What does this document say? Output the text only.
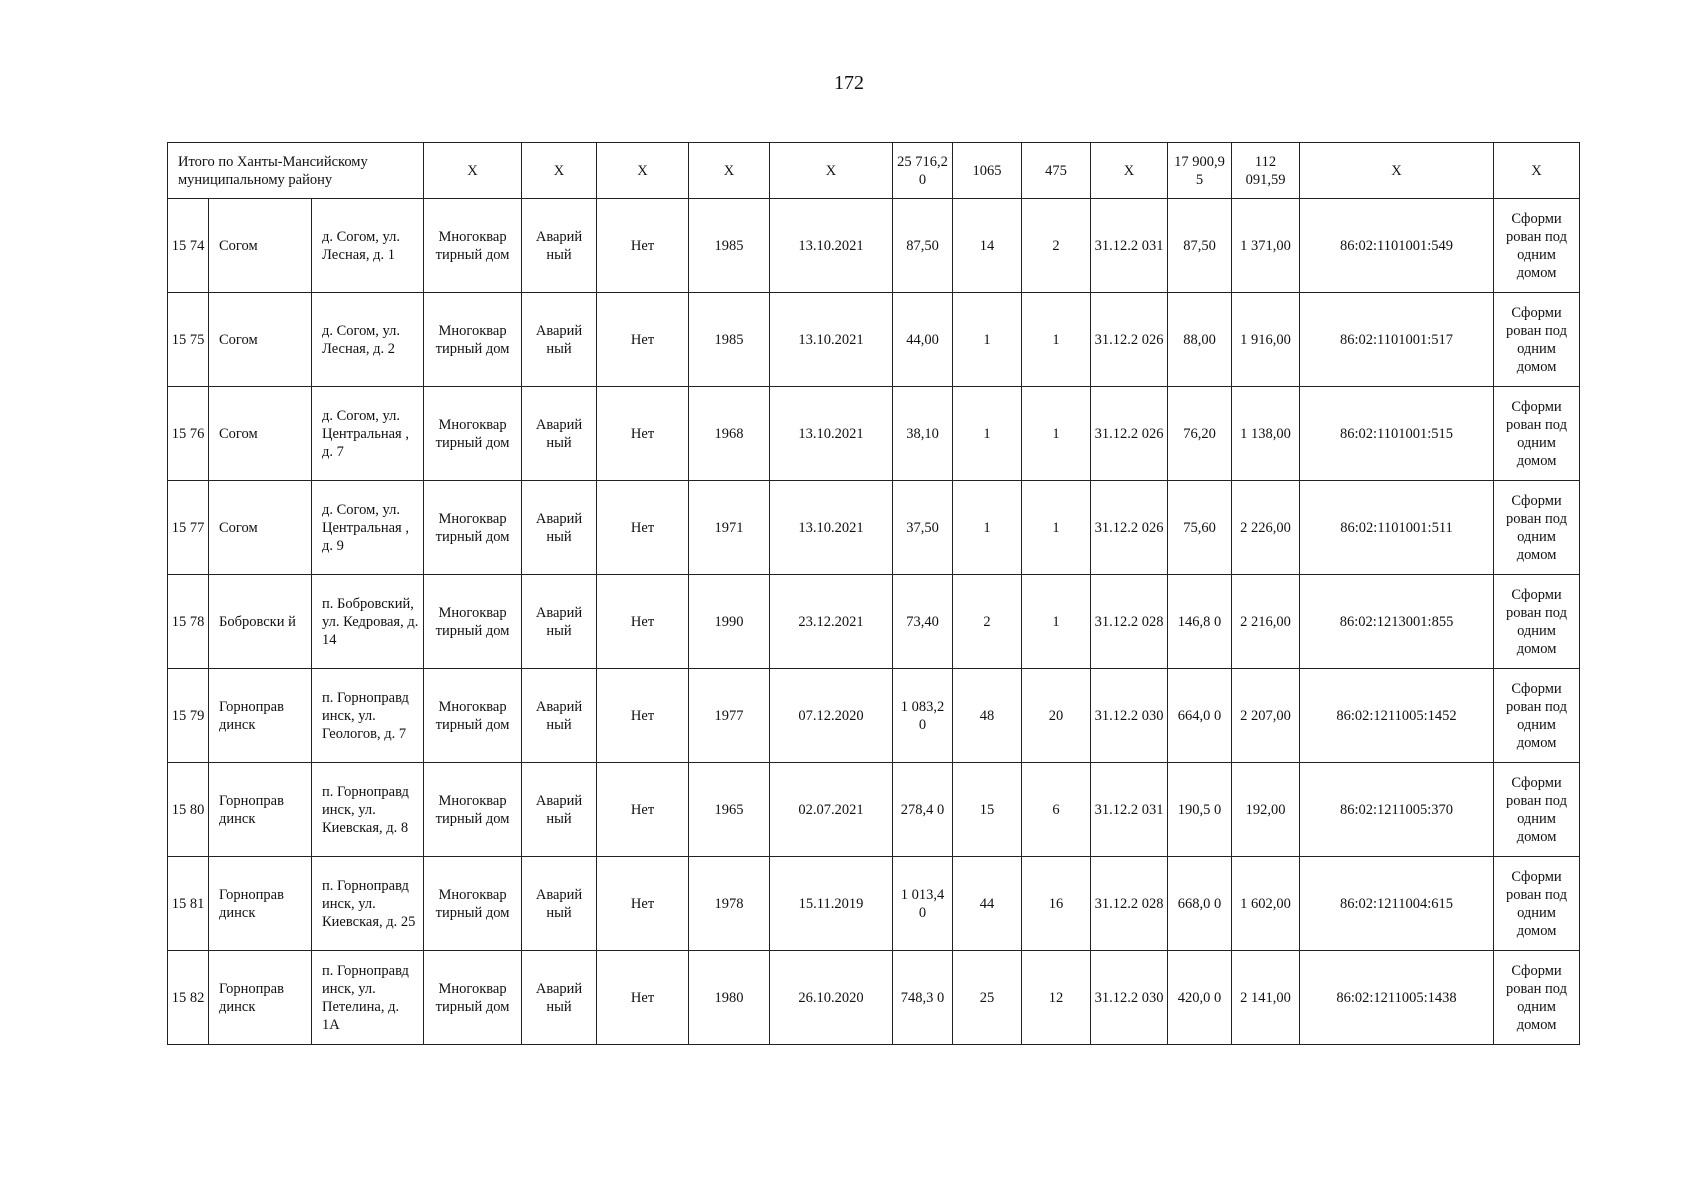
172
Итого по Ханты-Мансийскому муниципальному району			Х	Х	Х	Х	Х	25 716,2 0	1065	475	Х	17 900,9 5	112 091,59	Х	Х
15 74	Согом	д. Согом, ул. Лесная, д. 1	Многоквар тирный дом	Аварий ный	Нет	1985	13.10.2021	87,50	14	2	31.12.2 031	87,50	1 371,00	86:02:1101001:549	Сформи рован под одним домом
15 75	Согом	д. Согом, ул. Лесная, д. 2	Многоквар тирный дом	Аварий ный	Нет	1985	13.10.2021	44,00	1	1	31.12.2 026	88,00	1 916,00	86:02:1101001:517	Сформи рован под одним домом
15 76	Согом	д. Согом, ул. Центральная , д. 7	Многоквар тирный дом	Аварий ный	Нет	1968	13.10.2021	38,10	1	1	31.12.2 026	76,20	1 138,00	86:02:1101001:515	Сформи рован под одним домом
15 77	Согом	д. Согом, ул. Центральная , д. 9	Многоквар тирный дом	Аварий ный	Нет	1971	13.10.2021	37,50	1	1	31.12.2 026	75,60	2 226,00	86:02:1101001:511	Сформи рован под одним домом
15 78	Бобровски й	п. Бобровский, ул. Кедровая, д. 14	Многоквар тирный дом	Аварий ный	Нет	1990	23.12.2021	73,40	2	1	31.12.2 028	146,8 0	2 216,00	86:02:1213001:855	Сформи рован под одним домом
15 79	Горноправ динск	п. Горноправд инск, ул. Геологов, д. 7	Многоквар тирный дом	Аварий ный	Нет	1977	07.12.2020	1 083,2 0	48	20	31.12.2 030	664,0 0	2 207,00	86:02:1211005:1452	Сформи рован под одним домом
15 80	Горноправ динск	п. Горноправд инск, ул. Киевская, д. 8	Многоквар тирный дом	Аварий ный	Нет	1965	02.07.2021	278,4 0	15	6	31.12.2 031	190,5 0	192,00	86:02:1211005:370	Сформи рован под одним домом
15 81	Горноправ динск	п. Горноправд инск, ул. Киевская, д. 25	Многоквар тирный дом	Аварий ный	Нет	1978	15.11.2019	1 013,4 0	44	16	31.12.2 028	668,0 0	1 602,00	86:02:1211004:615	Сформи рован под одним домом
15 82	Горноправ динск	п. Горноправд инск, ул. Петелина, д. 1А	Многоквар тирный дом	Аварий ный	Нет	1980	26.10.2020	748,3 0	25	12	31.12.2 030	420,0 0	2 141,00	86:02:1211005:1438	Сформи рован под одним домом
